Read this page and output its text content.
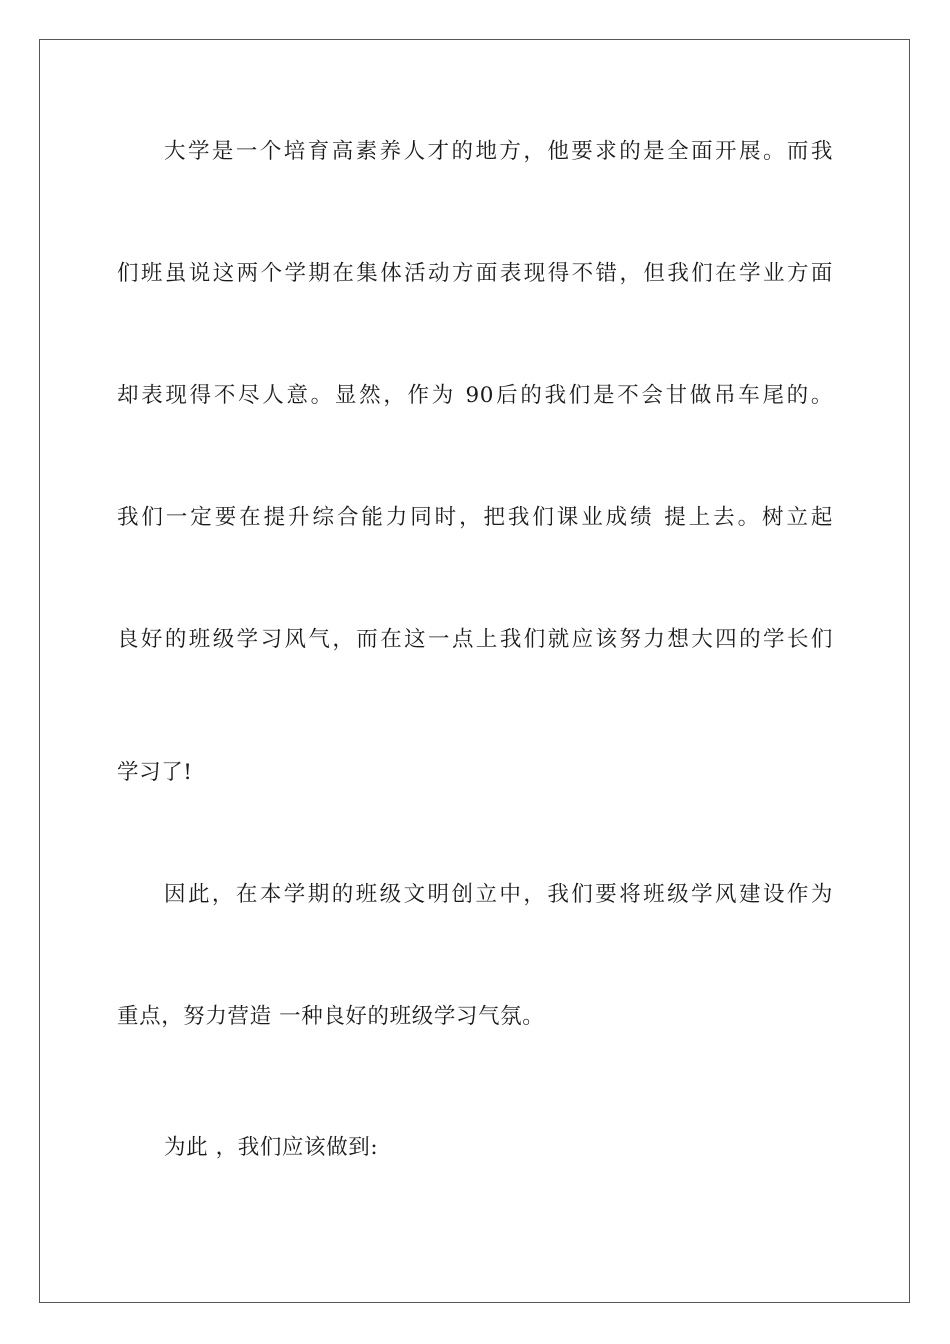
大学是一个培育高素养人才的地方，他要求的是全面开展。而我
们班虽说这两个学期在集体活动方面表现得不错，但我们在学业方面
却表现得不尽人意。显然，作为 90后的我们是不会甘做吊车尾的。
我们一定要在提升综合能力同时，把我们课业成绩 提上去。树立起
良好的班级学习风气，而在这一点上我们就应该努力想大四的学长们
学习了!
因此，在本学期的班级文明创立中，我们要将班级学风建设作为
重点，努力营造 一种良好的班级学习气氛。
为此 ，我们应该做到:
